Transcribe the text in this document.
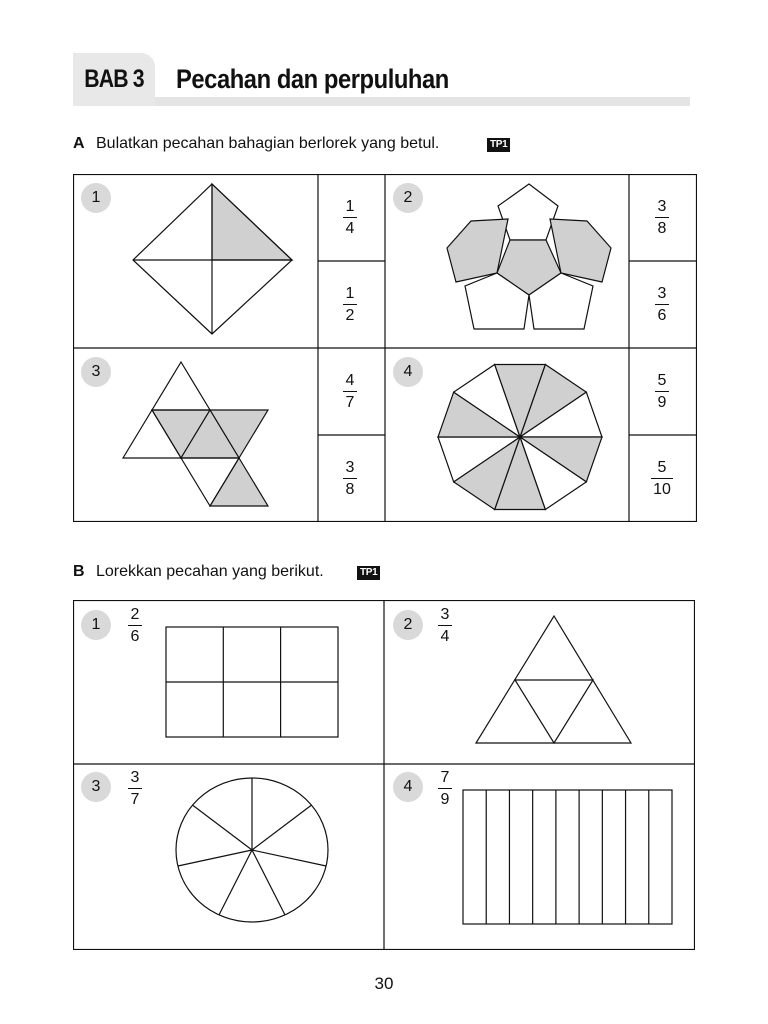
BAB 3 Pecahan dan perpuluhan
A Bulatkan pecahan bahagian berlorek yang betul.	TP1
1
1
4
1
2
2
3
8
3
6
3
4
7
3
8
4
5
9
5
10
B Lorekkan pecahan yang berikut.	TP1
1
2
6
2
3
4
3
3
7
4
7
9
30
